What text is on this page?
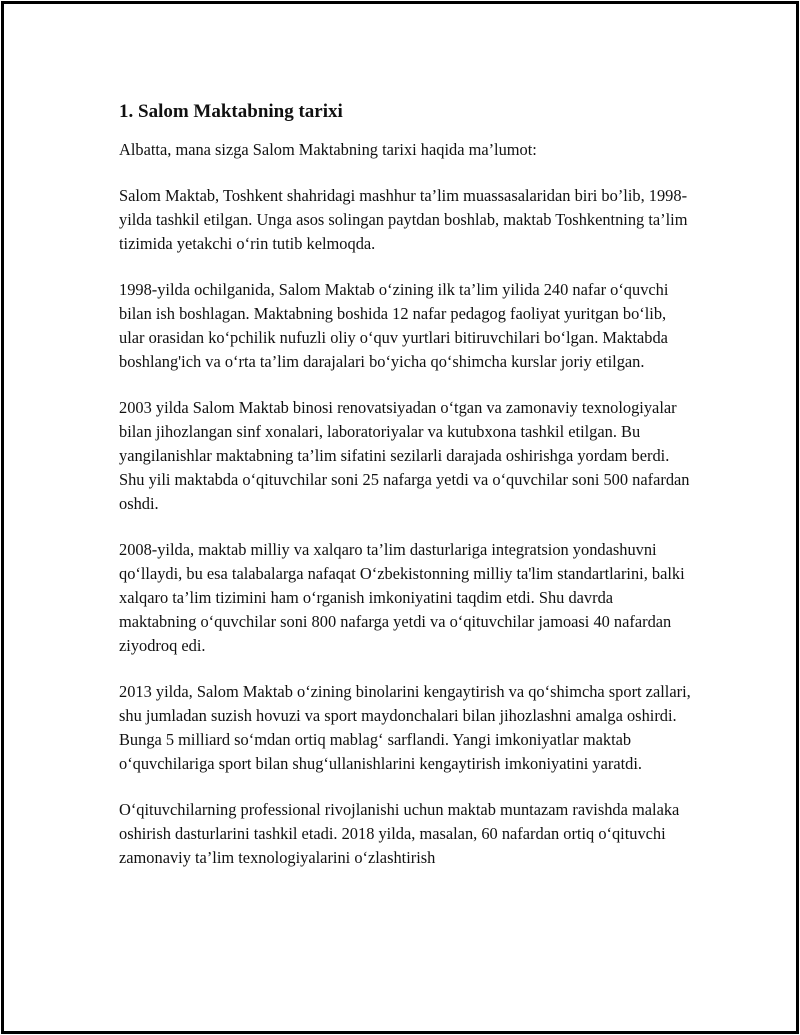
1. Salom Maktabning tarixi

Albatta, mana sizga Salom Maktabning tarixi haqida ma’lumot:

Salom Maktab, Toshkent shahridagi mashhur ta’lim muassasalaridan biri bo’lib, 1998-yilda tashkil etilgan. Unga asos solingan paytdan boshlab, maktab Toshkentning ta’lim tizimida yetakchi o‘rin tutib kelmoqda.

1998-yilda ochilganida, Salom Maktab o‘zining ilk ta’lim yilida 240 nafar o‘quvchi bilan ish boshlagan. Maktabning boshida 12 nafar pedagog faoliyat yuritgan bo‘lib, ular orasidan ko‘pchilik nufuzli oliy o‘quv yurtlari bitiruvchilari bo‘lgan. Maktabda boshlang'ich va o‘rta ta’lim darajalari bo‘yicha qo‘shimcha kurslar joriy etilgan.

2003 yilda Salom Maktab binosi renovatsiyadan o‘tgan va zamonaviy texnologiyalar bilan jihozlangan sinf xonalari, laboratoriyalar va kutubxona tashkil etilgan. Bu yangilanishlar maktabning ta’lim sifatini sezilarli darajada oshirishga yordam berdi. Shu yili maktabda o‘qituvchilar soni 25 nafarga yetdi va o‘quvchilar soni 500 nafardan oshdi.

2008-yilda, maktab milliy va xalqaro ta’lim dasturlariga integratsion yondashuvni qo‘llaydi, bu esa talabalarga nafaqat O‘zbekistonning milliy ta'lim standartlarini, balki xalqaro ta’lim tizimini ham o‘rganish imkoniyatini taqdim etdi. Shu davrda maktabning o‘quvchilar soni 800 nafarga yetdi va o‘qituvchilar jamoasi 40 nafardan ziyodroq edi.

2013 yilda, Salom Maktab o‘zining binolarini kengaytirish va qo‘shimcha sport zallari, shu jumladan suzish hovuzi va sport maydonchalari bilan jihozlashni amalga oshirdi. Bunga 5 milliard so‘mdan ortiq mablag‘ sarflandi. Yangi imkoniyatlar maktab o‘quvchilariga sport bilan shug‘ullanishlarini kengaytirish imkoniyatini yaratdi.

O‘qituvchilarning professional rivojlanishi uchun maktab muntazam ravishda malaka oshirish dasturlarini tashkil etadi. 2018 yilda, masalan, 60 nafardan ortiq o‘qituvchi zamonaviy ta’lim texnologiyalarini o‘zlashtirish
